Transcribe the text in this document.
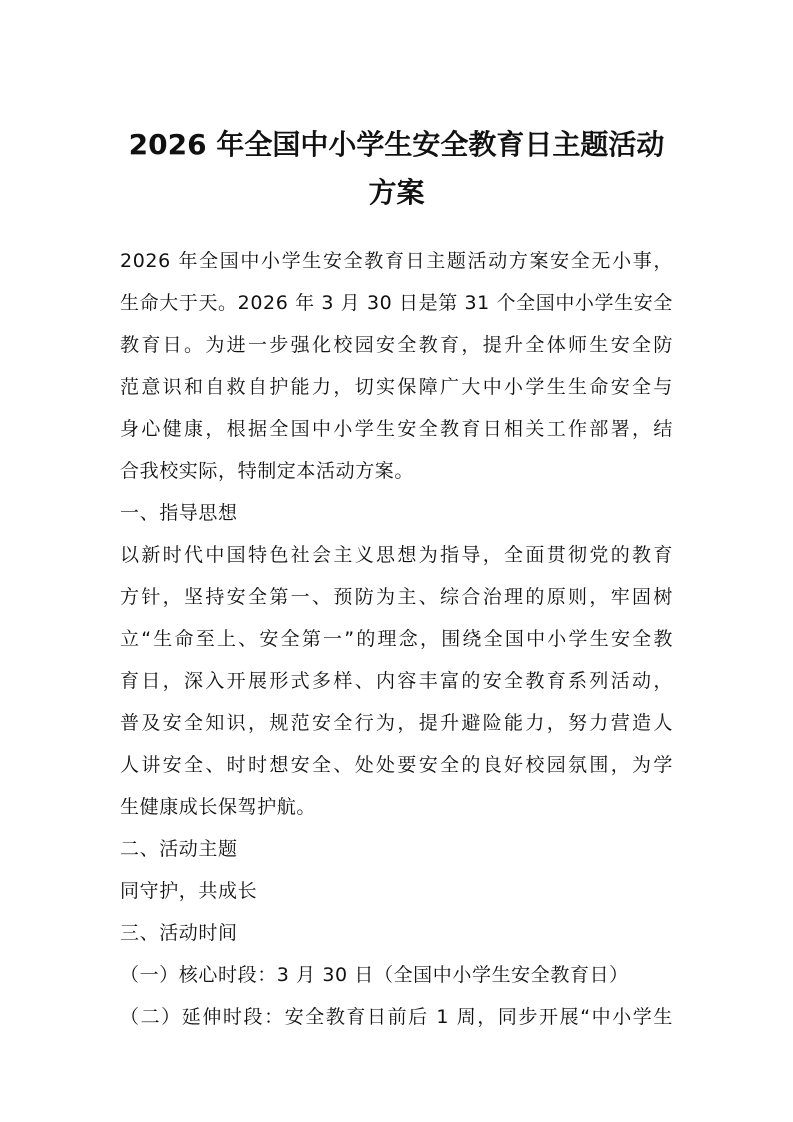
2026 年全国中小学生安全教育日主题活动
方案

2026 年全国中小学生安全教育日主题活动方案安全无小事，

生命大于天。2026 年 3 月 30 日是第 31 个全国中小学生安全

教育日。为进一步强化校园安全教育，提升全体师生安全防

范意识和自救自护能力，切实保障广大中小学生生命安全与

身心健康，根据全国中小学生安全教育日相关工作部署，结

合我校实际，特制定本活动方案。

一、指导思想

以新时代中国特色社会主义思想为指导，全面贯彻党的教育

方针，坚持安全第一、预防为主、综合治理的原则，牢固树

立“生命至上、安全第一”的理念，围绕全国中小学生安全教

育日，深入开展形式多样、内容丰富的安全教育系列活动，

普及安全知识，规范安全行为，提升避险能力，努力营造人

人讲安全、时时想安全、处处要安全的良好校园氛围，为学

生健康成长保驾护航。

二、活动主题

同守护，共成长

三、活动时间

（一）核心时段：3 月 30 日（全国中小学生安全教育日）

（二）延伸时段：安全教育日前后 1 周，同步开展“中小学生
